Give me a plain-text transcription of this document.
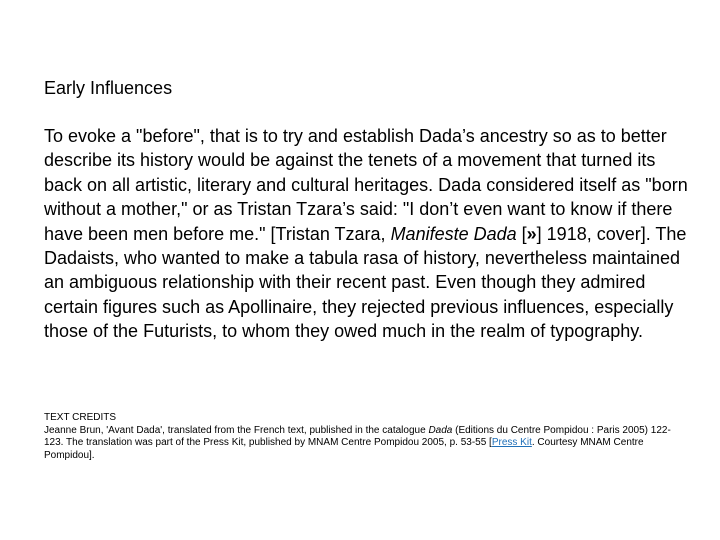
Early Influences

To evoke a "before", that is to try and establish Dada’s ancestry so as to better describe its history would be against the tenets of a movement that turned its back on all artistic, literary and cultural heritages. Dada considered itself as "born without a mother," or as Tristan Tzara’s said: "I don’t even want to know if there have been men before me." [Tristan Tzara, Manifeste Dada [»] 1918, cover]. The Dadaists, who wanted to make a tabula rasa of history, nevertheless maintained an ambiguous relationship with their recent past. Even though they admired certain figures such as Apollinaire, they rejected previous influences, especially those of the Futurists, to whom they owed much in the realm of typography.

TEXT CREDITS

Jeanne Brun, 'Avant Dada', translated from the French text, published in the catalogue Dada (Editions du Centre Pompidou : Paris 2005) 122-123. The translation was part of the Press Kit, published by MNAM Centre Pompidou 2005, p. 53-55 [Press Kit. Courtesy MNAM Centre Pompidou].
